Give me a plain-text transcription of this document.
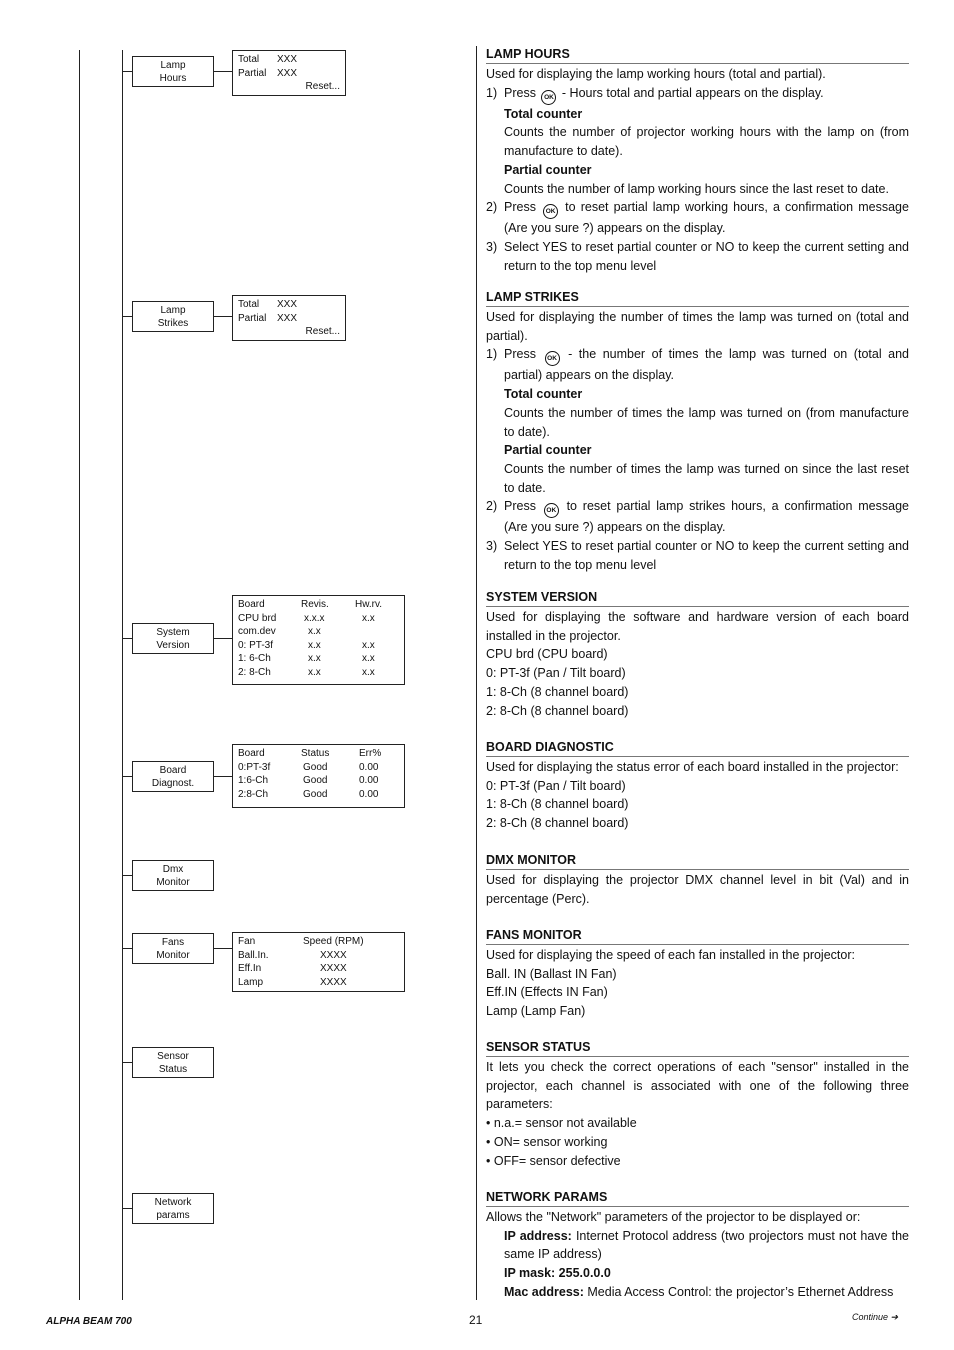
Lamp
Hours
Lamp
Strikes
System
Version
Board
Diagnost.
Dmx
Monitor
Fans
Monitor
Sensor
Status
Network
params
Total XXX
Partial XXX
Reset...
Total XXX
Partial XXX
Reset...
Board	Revis.	Hw.rv.
CPU brd	x.x.x	x.x
com.dev	x.x
0: PT-3f	x.x	x.x
1: 6-Ch	x.x	x.x
2: 8-Ch	x.x	x.x
Board	Status	Err%
0:PT-3f	Good	0.00
1:6-Ch	Good	0.00
2:8-Ch	Good	0.00
Fan	Speed (RPM)
Ball.In.	XXXX
Eff.In	XXXX
Lamp	XXXX
LAMP HOURS
Used for displaying the lamp working hours (total and partial).
1) Press OK - Hours total and partial appears on the display.
Total counter
Counts the number of projector working hours with the lamp on (from manufacture to date).
Partial counter
Counts the number of lamp working hours since the last reset to date.
2) Press OK to reset partial lamp working hours, a confirmation message (Are you sure ?) appears on the display.
3) Select YES to reset partial counter or NO to keep the current setting and return to the top menu level
LAMP STRIKES
Used for displaying the number of times the lamp was turned on (total and partial).
1) Press OK - the number of times the lamp was turned on (total and partial) appears on the display.
Total counter
Counts the number of times the lamp was turned on (from manufacture to date).
Partial counter
Counts the number of times the lamp was turned on since the last reset to date.
2) Press OK to reset partial lamp strikes hours, a confirmation message (Are you sure ?) appears on the display.
3) Select YES to reset partial counter or NO to keep the current setting and return to the top menu level
SYSTEM VERSION
Used for displaying the software and hardware version of each board installed in the projector.
CPU brd (CPU board)
0: PT-3f (Pan / Tilt board)
1: 8-Ch (8 channel board)
2: 8-Ch (8 channel board)
BOARD DIAGNOSTIC
Used for displaying the status error of each board installed in the projector:
0: PT-3f (Pan / Tilt board)
1: 8-Ch (8 channel board)
2: 8-Ch (8 channel board)
DMX MONITOR
Used for displaying the projector DMX channel level in bit (Val) and in percentage (Perc).
FANS MONITOR
Used for displaying the speed of each fan installed in the projector:
Ball. IN (Ballast IN Fan)
Eff.IN (Effects IN Fan)
Lamp (Lamp Fan)
SENSOR STATUS
It lets you check the correct operations of each "sensor" installed in the projector, each channel is associated with one of the following three parameters:
• n.a.= sensor not available
• ON= sensor working
• OFF= sensor defective
NETWORK PARAMS
Allows the "Network" parameters of the projector to be displayed or:
IP address: Internet Protocol address (two projectors must not have the same IP address)
IP mask: 255.0.0.0
Mac address: Media Access Control: the projector’s Ethernet Address
ALPHA BEAM 700	21	Continue ➔
